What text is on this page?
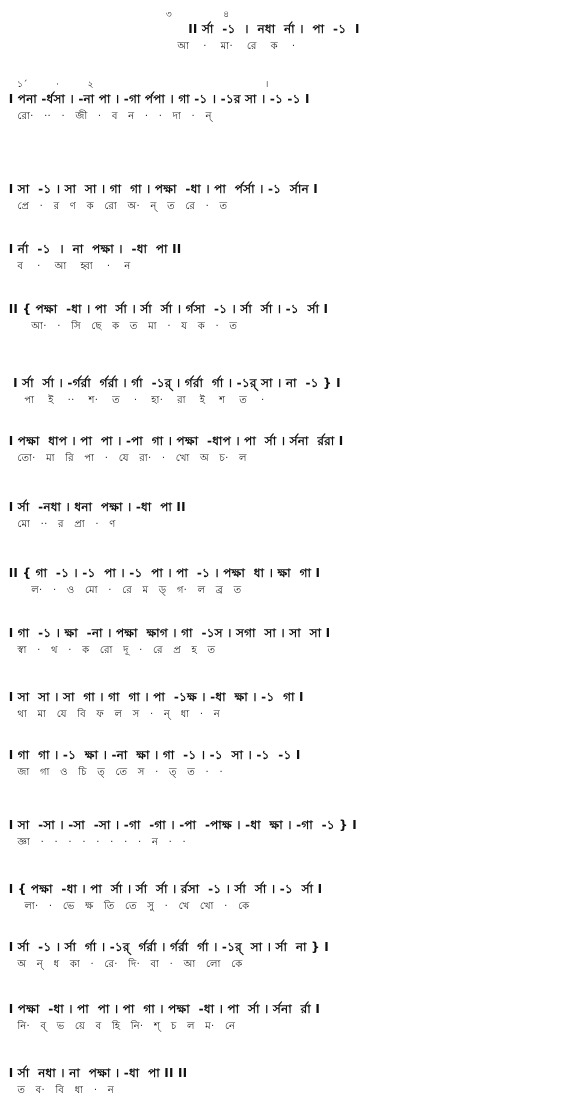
৩                  ৪
II র্সা  -১  ।  নধা  র্না ।  পা  -১  I
আ    ·    মা·    রে    ক    ·
১´          ·          ২                                                            ।
I পনা -র্ধসা । -না পা । -গা র্পপা । গা -১ । -১র সা । -১ -১ I
রো·   ··   ·   জী   ·   ব   ন   ·   ·   দা   ·   ন্
I সা  -১ । সা  সা । গা  গা । পক্ষা  -ধা । পা  র্পর্সা । -১  র্সান I
প্রে   ·   র   ণ   ক   রো   অ·   ন্   ত   রে   ·   ত
I র্না  -১  ।  না  পক্ষা ।  -ধা  পা II
ব    ·    আ    হ্বা    ·    ন
II { পক্ষা  -ধা । পা  র্সা । র্সা  র্সা । র্গসা  -১ । র্সা  র্সা । -১  র্সা I
আ·   ·   সি   ছে   ক   ত   মা   ·   য   ক   ·   ত
I র্সা  র্সা । -র্গর্রা  র্গর্রা । র্গা  -১র্ । র্গর্রা  র্গা । -১র্ সা । না  -১ } I
পা    ই    ··    শ·    ত    ·    হা·    রা    ই    শ    ত    ·
I পক্ষা  ধাপ । পা  পা । -পা  গা । পক্ষা  -ধাপ । পা  র্সা । র্সনা  র্ররা I
তো·   মা   রি   পা   ·   যে   রা·   ·   খো   অ   চ·   ল
I র্সা  -নধা । ধনা  পক্ষা । -ধা  পা II
মো   ··   র   প্রা   ·   ণ
II { গা  -১ । -১  পা । -১  পা । পা  -১ । পক্ষা  ধা । ক্ষা  গা I
ল·   ·   ও   মো   ·   রে   ম   ড্   গ·   ল   ব্র   ত
I গা  -১ । ক্ষা  -না । পক্ষা  ক্ষাগ । গা  -১স । সগা  সা । সা  সা I
স্বা   ·   থ   ·   ক   রো   দূ   ·   রে   প্র   হ   ত
I সা  সা । সা  গা । গা  গা । পা  -১ক্ষ । -ধা  ক্ষা । -১  গা I
থা   মা   যে   বি   ফ   ল   স   ·   ন্   ধা   ·   ন
I গা  গা । -১  ক্ষা । -না  ক্ষা । গা  -১ । -১  সা । -১  -১ I
জা   গা   ও   চি   ত্   তে   স   ·   ত্   ত   ·   ·
I সা  -সা । -সা  -সা । -গা  -গা । -পা  -পাক্ষ । -ধা  ক্ষা । -গা  -১ } I
জ্ঞা   ·   ·   ·   ·   ·   ·   ·   ·   ন   ·   ·
I { পক্ষা  -ধা । পা  র্সা । র্সা  র্সা । র্রসা  -১ । র্সা  র্সা । -১  র্সা I
লা·   ·   ভে   ক্ষ   তি   তে   সু   ·   খে   খো   ·   কে
I র্সা  -১ । র্সা  র্গা । -১র্  র্গর্রা । র্গর্রা  র্গা । -১র্  সা । র্সা  না } I
অ   ন্   ধ   কা   ·   রে·   দি·   বা   ·   আ   লো   কে
I পক্ষা  -ধা । পা  পা । পা  গা । পক্ষা  -ধা । পা  র্সা । র্সনা  র্রা I
নি·   ব্   ভ   য়ে   ব   হি   নি·   শ্   চ   ল   ম·   নে
I র্সা  নধা । না  পক্ষা । -ধা  পা II II
ত   ব·   বি   ধা   ·   ন
